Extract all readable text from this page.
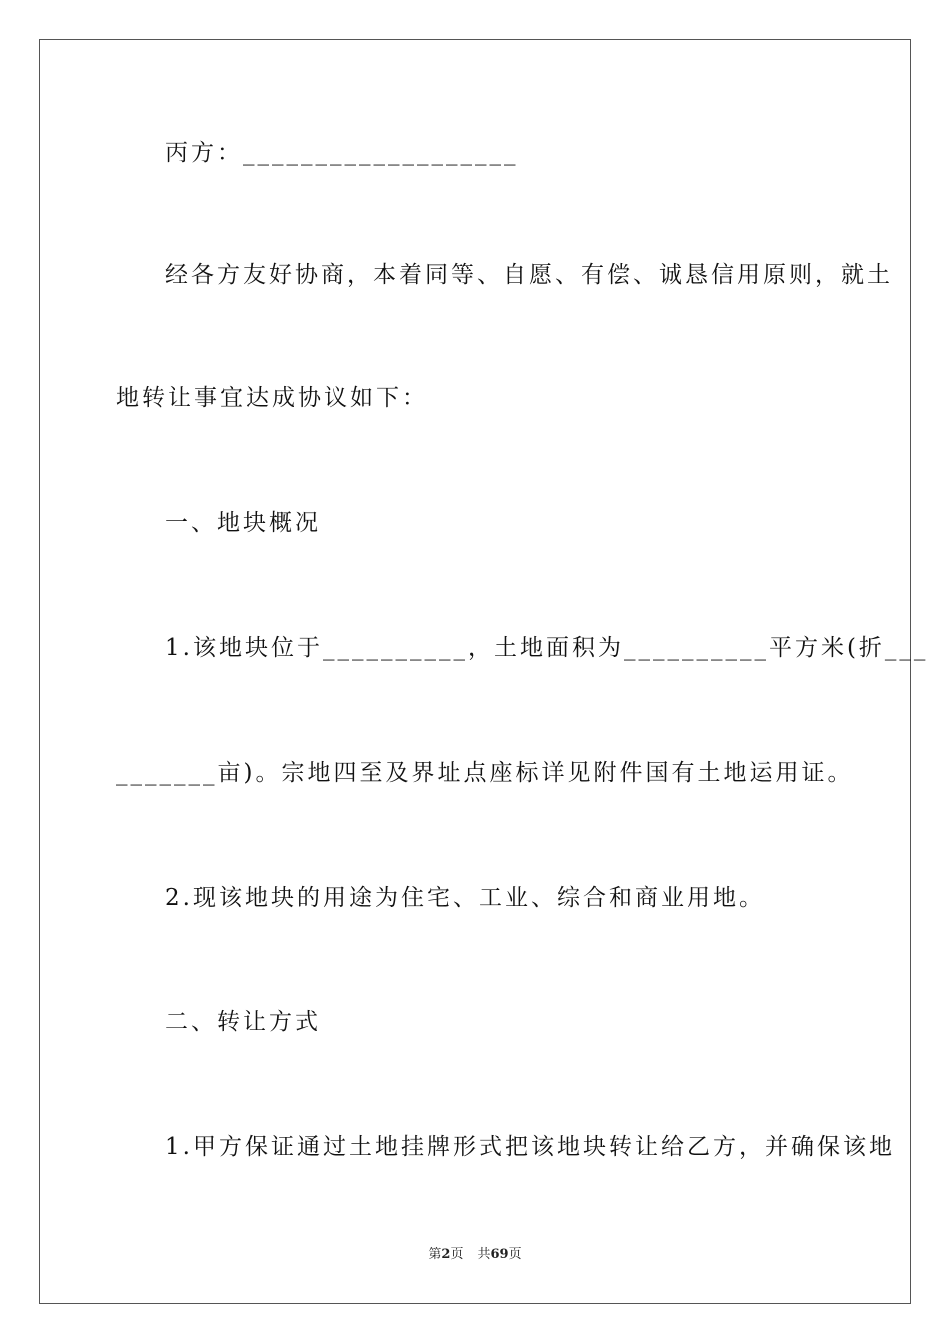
丙方：___________________
经各方友好协商，本着同等、自愿、有偿、诚恳信用原则，就土
地转让事宜达成协议如下：
一、地块概况
1.该地块位于__________，土地面积为__________平方米(折___
_______亩)。宗地四至及界址点座标详见附件国有土地运用证。
2.现该地块的用途为住宅、工业、综合和商业用地。
二、转让方式
1.甲方保证通过土地挂牌形式把该地块转让给乙方，并确保该地
第2页 共69页
